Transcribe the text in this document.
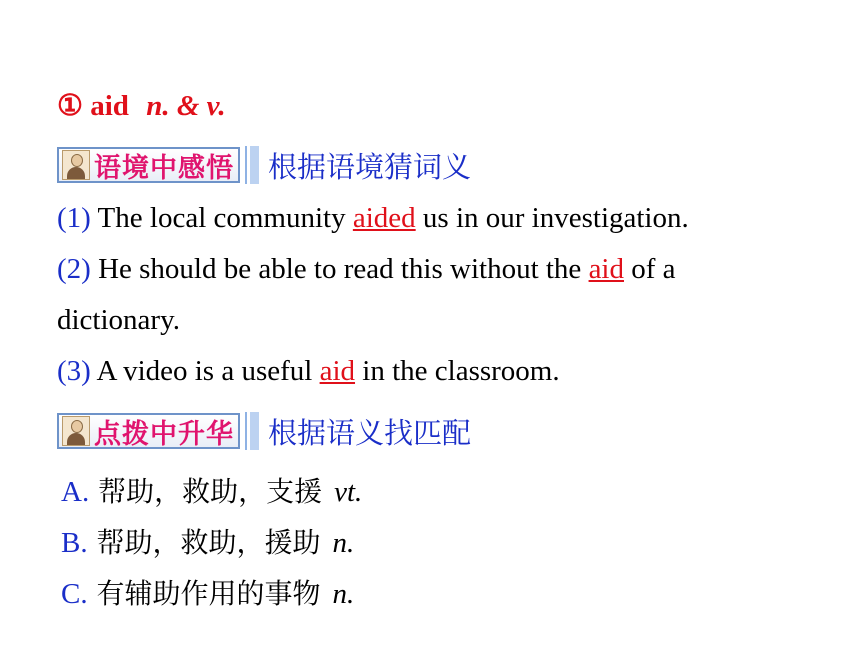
① aid n. & v.
语境中感悟 根据语境猜词义
(1) The local community aided us in our investigation.
(2) He should be able to read this without the aid of a
dictionary.
(3) A video is a useful aid in the classroom.
点拨中升华 根据语义找匹配
A. 帮助，救助，支援 vt.
B. 帮助，救助，援助 n.
C. 有辅助作用的事物 n.
